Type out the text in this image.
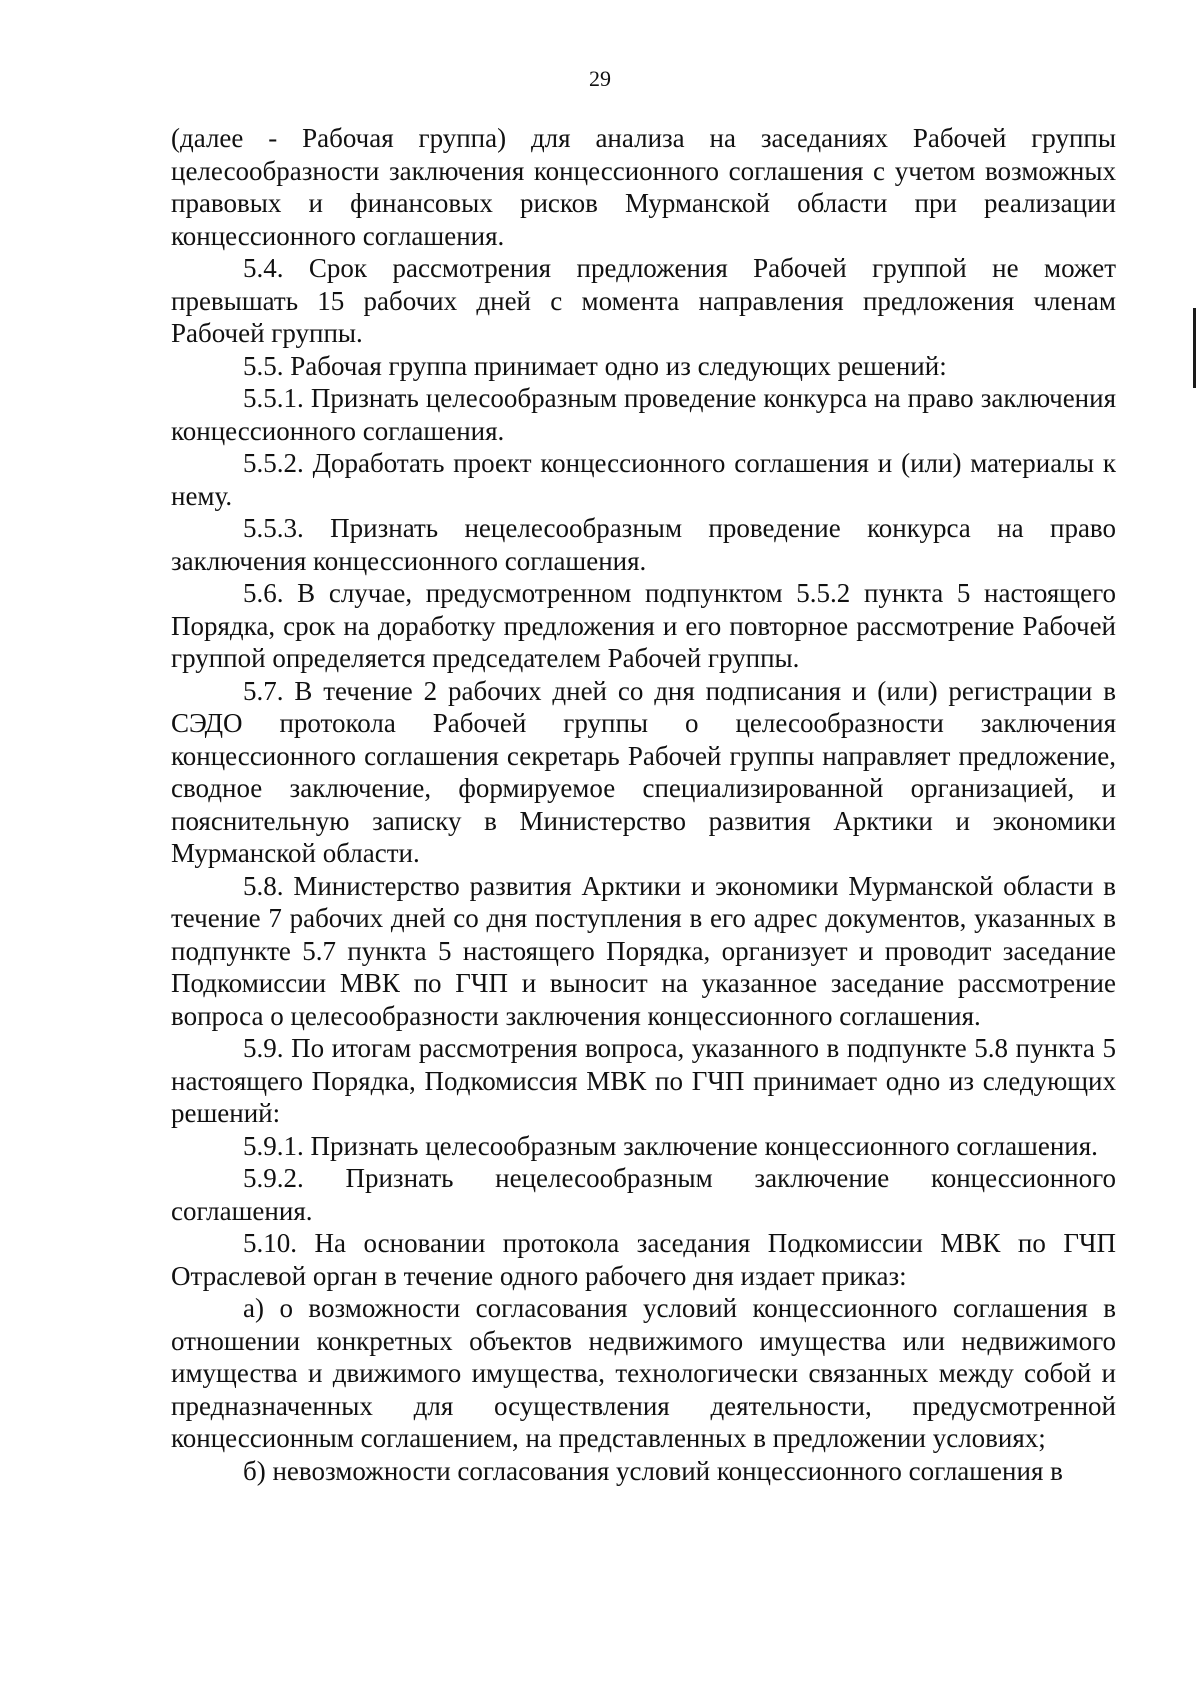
29

(далее - Рабочая группа) для анализа на заседаниях Рабочей группы целесообразности заключения концессионного соглашения с учетом возможных правовых и финансовых рисков Мурманской области при реализации концессионного соглашения.

5.4. Срок рассмотрения предложения Рабочей группой не может превышать 15 рабочих дней с момента направления предложения членам Рабочей группы.

5.5. Рабочая группа принимает одно из следующих решений:

5.5.1. Признать целесообразным проведение конкурса на право заключения концессионного соглашения.

5.5.2. Доработать проект концессионного соглашения и (или) материалы к нему.

5.5.3. Признать нецелесообразным проведение конкурса на право заключения концессионного соглашения.

5.6. В случае, предусмотренном подпунктом 5.5.2 пункта 5 настоящего Порядка, срок на доработку предложения и его повторное рассмотрение Рабочей группой определяется председателем Рабочей группы.

5.7. В течение 2 рабочих дней со дня подписания и (или) регистрации в СЭДО протокола Рабочей группы о целесообразности заключения концессионного соглашения секретарь Рабочей группы направляет предложение, сводное заключение, формируемое специализированной организацией, и пояснительную записку в Министерство развития Арктики и экономики Мурманской области.

5.8. Министерство развития Арктики и экономики Мурманской области в течение 7 рабочих дней со дня поступления в его адрес документов, указанных в подпункте 5.7 пункта 5 настоящего Порядка, организует и проводит заседание Подкомиссии МВК по ГЧП и выносит на указанное заседание рассмотрение вопроса о целесообразности заключения концессионного соглашения.

5.9. По итогам рассмотрения вопроса, указанного в подпункте 5.8 пункта 5 настоящего Порядка, Подкомиссия МВК по ГЧП принимает одно из следующих решений:

5.9.1. Признать целесообразным заключение концессионного соглашения.

5.9.2. Признать нецелесообразным заключение концессионного соглашения.

5.10. На основании протокола заседания Подкомиссии МВК по ГЧП Отраслевой орган в течение одного рабочего дня издает приказ:

а) о возможности согласования условий концессионного соглашения в отношении конкретных объектов недвижимого имущества или недвижимого имущества и движимого имущества, технологически связанных между собой и предназначенных для осуществления деятельности, предусмотренной концессионным соглашением, на представленных в предложении условиях;

б) невозможности согласования условий концессионного соглашения в
